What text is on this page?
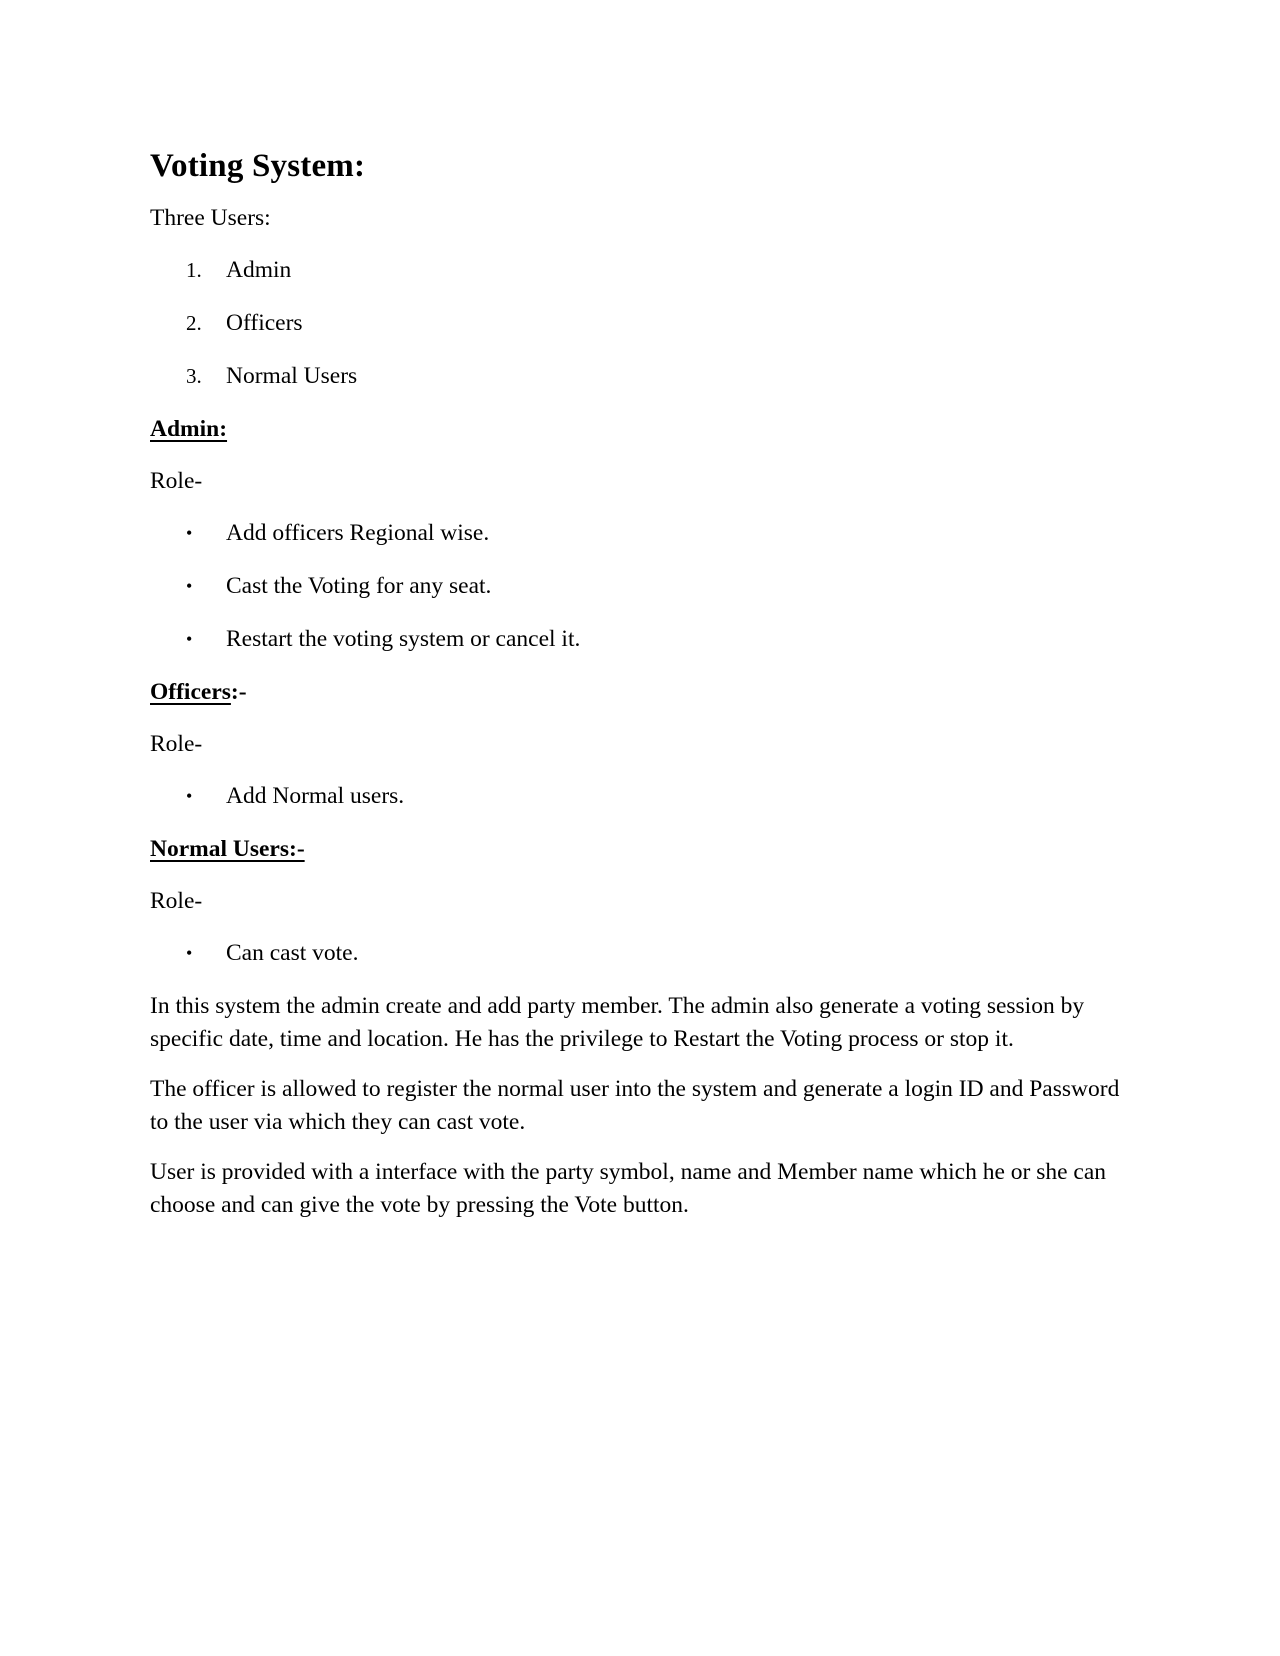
Voting System:

Three Users:

1. Admin
2. Officers
3. Normal Users

Admin:

Role-

• Add officers Regional wise.
• Cast the Voting for any seat.
• Restart the voting system or cancel it.

Officers:-

Role-

• Add Normal users.

Normal Users:-

Role-

• Can cast vote.

In this system the admin create and add party member. The admin also generate a voting session by specific date, time and location. He has the privilege to Restart the Voting process or stop it.

The officer is allowed to register the normal user into the system and generate a login ID and Password to the user via which they can cast vote.

User is provided with a interface with the party symbol, name and Member name which he or she can choose and can give the vote by pressing the Vote button.
